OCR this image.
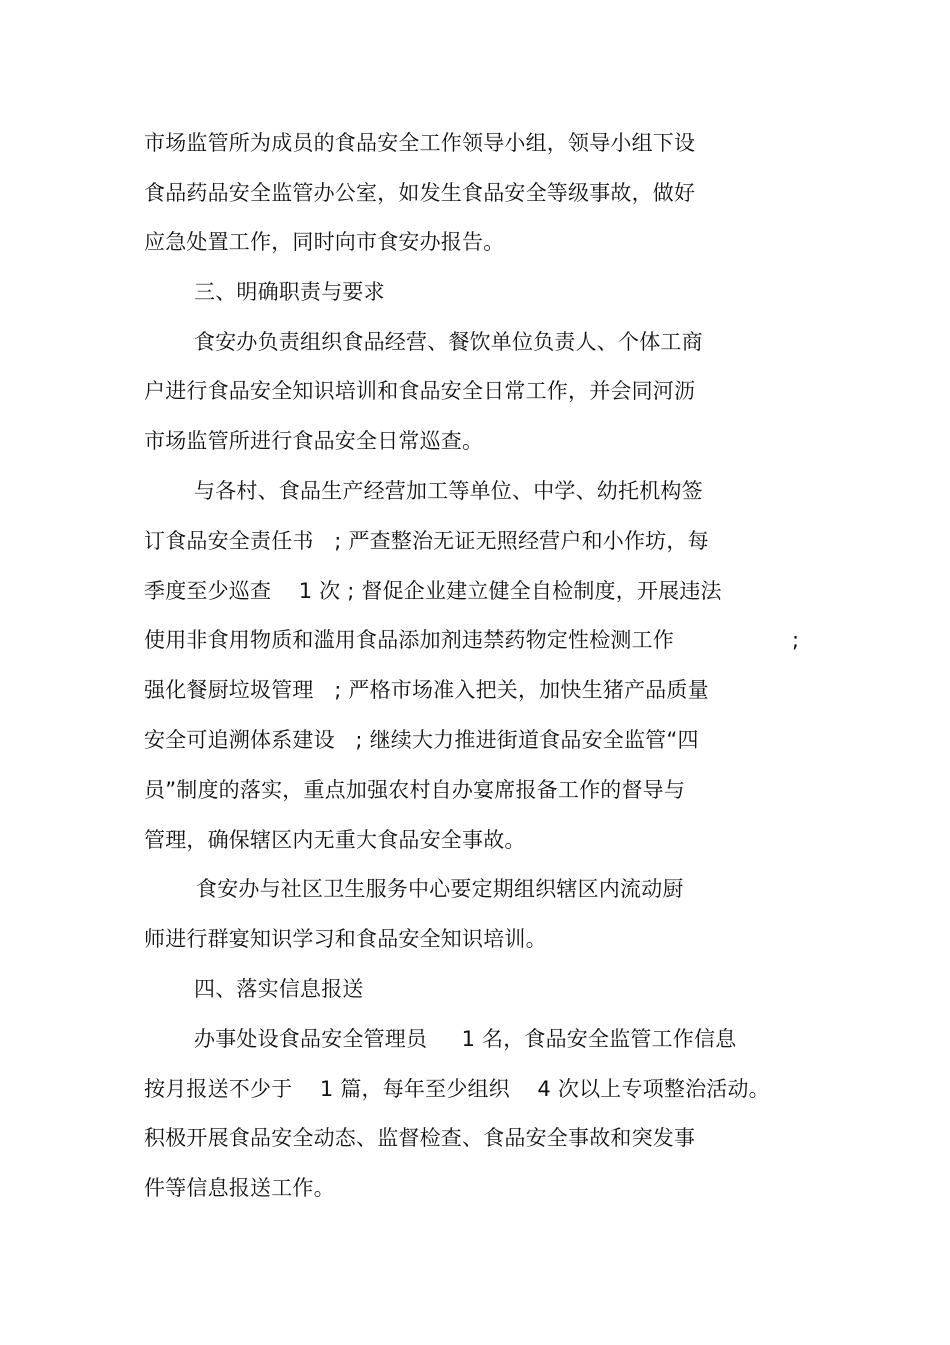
市场监管所为成员的食品安全工作领导小组，领导小组下设
食品药品安全监管办公室，如发生食品安全等级事故，做好
应急处置工作，同时向市食安办报告。
三、明确职责与要求
食安办负责组织食品经营、餐饮单位负责人、个体工商
户进行食品安全知识培训和食品安全日常工作，并会同河沥
市场监管所进行食品安全日常巡查。
与各村、食品生产经营加工等单位、中学、幼托机构签
订食品安全责任书   ; 严查整治无证无照经营户和小作坊，每
季度至少巡查    1 次 ; 督促企业建立健全自检制度，开展违法
使用非食用物质和滥用食品添加剂违禁药物定性检测工作	;
强化餐厨垃圾管理   ; 严格市场准入把关，加快生猪产品质量
安全可追溯体系建设   ; 继续大力推进街道食品安全监管“四
员”制度的落实，重点加强农村自办宴席报备工作的督导与
管理，确保辖区内无重大食品安全事故。
食安办与社区卫生服务中心要定期组织辖区内流动厨
师进行群宴知识学习和食品安全知识培训。
四、落实信息报送
办事处设食品安全管理员     1 名，食品安全监管工作信息
按月报送不少于    1 篇，每年至少组织    4 次以上专项整治活动。
积极开展食品安全动态、监督检查、食品安全事故和突发事
件等信息报送工作。
